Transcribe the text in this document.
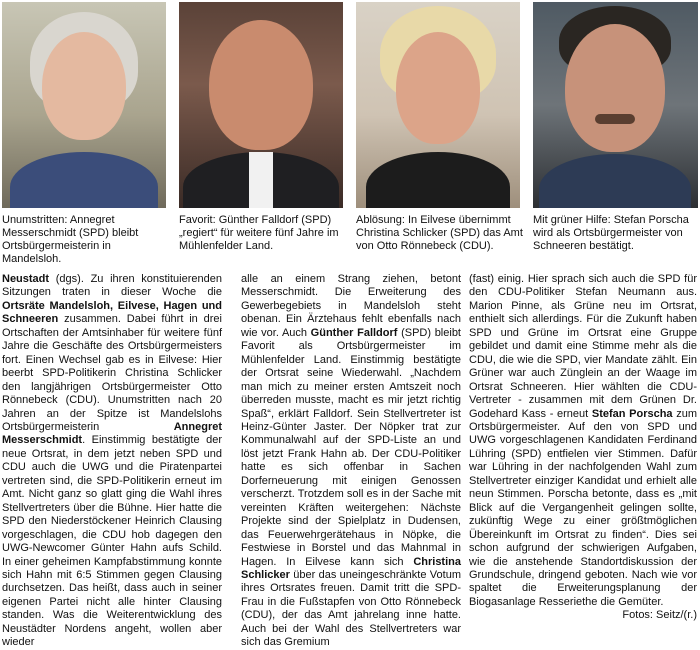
Unumstritten: Annegret Messerschmidt (SPD) bleibt Ortsbürgermeisterin in Mandelsloh.
Favorit: Günther Falldorf (SPD) „regiert“ für weitere fünf Jahre im Mühlenfelder Land.
Ablösung: In Eilvese übernimmt Christina Schlicker (SPD) das Amt von Otto Rönnebeck (CDU).
Mit grüner Hilfe: Stefan Porscha wird als Ortsbürgermeister von Schneeren bestätigt.

Neustadt (dgs). Zu ihren konstituierenden Sitzungen traten in dieser Woche die Ortsräte Mandelsloh, Eilvese, Hagen und Schneeren zusammen. Dabei führt in drei Ortschaften der Amtsinhaber für weitere fünf Jahre die Geschäfte des Ortsbürgermeisters fort. Einen Wechsel gab es in Eilvese: Hier beerbt SPD-Politikerin Christina Schlicker den langjährigen Ortsbürgermeister Otto Rönnebeck (CDU). Unumstritten nach 20 Jahren an der Spitze ist Mandelslohs Ortsbürgermeisterin Annegret Messerschmidt. Einstimmig bestätigte der neue Ortsrat, in dem jetzt neben SPD und CDU auch die UWG und die Piratenpartei vertreten sind, die SPD-Politikerin erneut im Amt. Nicht ganz so glatt ging die Wahl ihres Stellvertreters über die Bühne. Hier hatte die SPD den Niederstöckener Heinrich Clausing vorgeschlagen, die CDU hob dagegen den UWG-Newcomer Günter Hahn aufs Schild. In einer geheimen Kampfabstimmung konnte sich Hahn mit 6:5 Stimmen gegen Clausing durchsetzen. Das heißt, dass auch in seiner eigenen Partei nicht alle hinter Clausing standen. Was die Weiterentwicklung des Neustädter Nordens angeht, wollen aber wieder

alle an einem Strang ziehen, betont Messerschmidt. Die Erweiterung des Gewerbegebiets in Mandelsloh steht obenan. Ein Ärztehaus fehlt ebenfalls nach wie vor. Auch Günther Falldorf (SPD) bleibt Favorit als Ortsbürgermeister im Mühlenfelder Land. Einstimmig bestätigte der Ortsrat seine Wiederwahl. „Nachdem man mich zu meiner ersten Amtszeit noch überreden musste, macht es mir jetzt richtig Spaß“, erklärt Falldorf. Sein Stellvertreter ist Heinz-Günter Jaster. Der Nöpker trat zur Kommunalwahl auf der SPD-Liste an und löst jetzt Frank Hahn ab. Der CDU-Politiker hatte es sich offenbar in Sachen Dorferneuerung mit einigen Genossen verscherzt. Trotzdem soll es in der Sache mit vereinten Kräften weitergehen: Nächste Projekte sind der Spielplatz in Dudensen, das Feuerwehrgerätehaus in Nöpke, die Festwiese in Borstel und das Mahnmal in Hagen. In Eilvese kann sich Christina Schlicker über das uneingeschränkte Votum ihres Ortsrates freuen. Damit tritt die SPD-Frau in die Fußstapfen von Otto Rönnebeck (CDU), der das Amt jahrelang inne hatte. Auch bei der Wahl des Stellvertreters war sich das Gremium

(fast) einig. Hier sprach sich auch die SPD für den CDU-Politiker Stefan Neumann aus. Marion Pinne, als Grüne neu im Ortsrat, enthielt sich allerdings. Für die Zukunft haben SPD und Grüne im Ortsrat eine Gruppe gebildet und damit eine Stimme mehr als die CDU, die wie die SPD, vier Mandate zählt. Ein Grüner war auch Zünglein an der Waage im Ortsrat Schneeren. Hier wählten die CDU-Vertreter - zusammen mit dem Grünen Dr. Godehard Kass - erneut Stefan Porscha zum Ortsbürgermeister. Auf den von SPD und UWG vorgeschlagenen Kandidaten Ferdinand Lühring (SPD) entfielen vier Stimmen. Dafür war Lühring in der nachfolgenden Wahl zum Stellvertreter einziger Kandidat und erhielt alle neun Stimmen. Porscha betonte, dass es „mit Blick auf die Vergangenheit gelingen sollte, zukünftig Wege zu einer größtmöglichen Übereinkunft im Ortsrat zu finden“. Dies sei schon aufgrund der schwierigen Aufgaben, wie die anstehende Standortdiskussion der Grundschule, dringend geboten. Nach wie vor spaltet die Erweiterungsplanung der Biogasanlage Resseriethe die Gemüter.
Fotos: Seitz/(r.)
